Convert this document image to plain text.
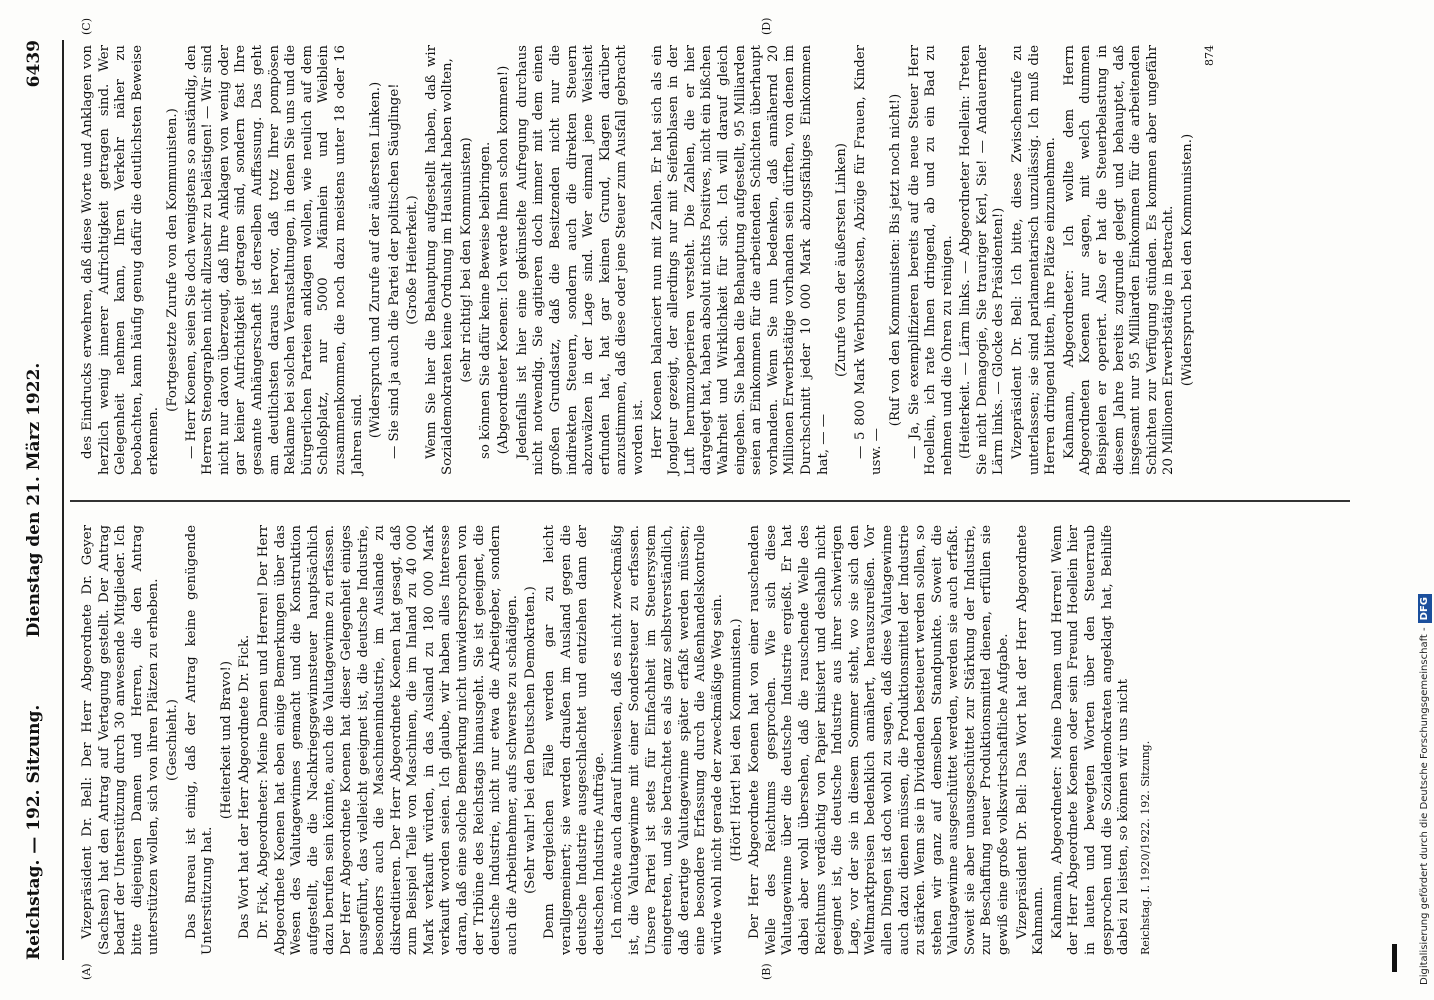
Reichstag. — 192. Sitzung.
Dienstag den 21. März 1922.
6439
(A)	(B)
(C)	(D)

Vizepräsident Dr. Bell: Der Herr Abgeordnete Dr. Geyer (Sachsen) hat den Antrag auf Vertagung gestellt. Der Antrag bedarf der Unterstützung durch 30 anwesende Mitglieder. Ich bitte diejenigen Damen und Herren, die den Antrag unterstützen wollen, sich von ihren Plätzen zu erheben. (Geschieht.) Das Bureau ist einig, daß der Antrag keine genügende Unterstützung hat.

(Heiterkeit und Bravo!) Das Wort hat der Herr Abgeordnete Dr. Fick. Dr. Fick, Abgeordneter: Meine Damen und Herren! Der Herr Abgeordnete Koenen hat eben einige Bemerkungen über das Wesen des Valutagewinnes gemacht und die Konstruktion aufgestellt, die die Nachkriegsgewinnsteuer hauptsächlich dazu berufen sein könnte, auch die Valutagewinne zu erfassen. Der Herr Abgeordnete Koenen hat dieser Gelegenheit einiges ausgeführt, das vielleicht geeignet ist, die deutsche Industrie, besonders auch die Maschinenindustrie, im Auslande zu diskreditieren. Der Herr Abgeordnete Koenen hat gesagt, daß zum Beispiel Teile von Maschinen, die im Inland zu 40 000 Mark verkauft würden, in das Ausland zu 180 000 Mark verkauft worden seien. Ich glaube, wir haben alles Interesse daran, daß eine solche Bemerkung nicht unwidersprochen von der Tribüne des Reichstags hinausgeht. Sie ist geeignet, die deutsche Industrie, nicht nur etwa die Arbeitgeber, sondern auch die Arbeitnehmer, aufs schwerste zu schädigen. (Sehr wahr! bei den Deutschen Demokraten.) Denn dergleichen Fälle werden gar zu leicht verallgemeinert; sie werden draußen im Ausland gegen die deutsche Industrie ausgeschlachtet und entziehen dann der deutschen Industrie Aufträge. Ich möchte auch darauf hinweisen, daß es nicht zweckmäßig ist, die Valutagewinne mit einer Sondersteuer zu erfassen. Unsere Partei ist stets für Einfachheit im Steuersystem eingetreten, und sie betrachtet es als ganz selbstverständlich, daß derartige Valutagewinne später erfaßt werden müssen; eine besondere Erfassung durch die Außenhandelskontrolle würde wohl nicht gerade der zweckmäßige Weg sein. (Hört! Hört! bei den Kommunisten.) Der Herr Abgeordnete Koenen hat von einer rauschenden Welle des Reichtums gesprochen. Wie sich diese Valutagewinne über die deutsche Industrie ergießt. Er hat dabei aber wohl übersehen, daß die rauschende Welle des Reichtums verdächtig von Papier knistert und deshalb nicht geeignet ist, die deutsche Industrie aus ihrer schwierigen Lage, vor der sie in diesem Sommer steht, wo sie sich den Weltmarktpreisen bedenklich annähert, herauszureißen. Vor allen Dingen ist doch wohl zu sagen, daß diese Valutagewinne auch dazu dienen müssen, die Produktionsmittel der Industrie zu stärken. Wenn sie in Dividenden besteuert werden sollen, so stehen wir ganz auf demselben Standpunkte. Soweit die Valutagewinne ausgeschüttet werden, werden sie auch erfaßt. Soweit sie aber unausgeschüttet zur Stärkung der Industrie, zur Beschaffung neuer Produktionsmittel dienen, erfüllen sie gewiß eine große volkswirtschaftliche Aufgabe. Vizepräsident Dr. Bell: Das Wort hat der Herr Abgeordnete Kahmann. Kahmann, Abgeordneter: Meine Damen und Herren! Wenn der Herr Abgeordnete Koenen oder sein Freund Hoellein hier in lauten und bewegten Worten über den Steuerraub gesprochen und die Sozialdemokraten angeklagt hat, Beihilfe dabei zu leisten, so können wir uns nicht Reichstag. I. 1920/1922. 192. Sitzung.

des Eindrucks erwehren, daß diese Worte und Anklagen von herzlich wenig innerer Aufrichtigkeit getragen sind. Wer Gelegenheit nehmen kann, Ihren Verkehr näher zu beobachten, kann häufig genug dafür die deutlichsten Beweise erkennen.

(Fortgesetzte Zurufe von den Kommunisten.) — Herr Koenen, seien Sie doch wenigstens so anständig, den Herren Stenographen nicht allzusehr zu belästigen! — Wir sind nicht nur davon überzeugt, daß Ihre Anklagen von wenig oder gar keiner Aufrichtigkeit getragen sind, sondern fast Ihre gesamte Anhängerschaft ist derselben Auffassung. Das geht am deutlichsten daraus hervor, daß trotz Ihrer pompösen Reklame bei solchen Veranstaltungen, in denen Sie uns und die bürgerlichen Parteien anklagen wollen, wie neulich auf dem Schloßplatz, nur 5000 Männlein und Weiblein zusammenkommen, die noch dazu meistens unter 18 oder 16 Jahren sind. (Widerspruch und Zurufe auf der äußersten Linken.) — Sie sind ja auch die Partei der politischen Säuglinge! (Große Heiterkeit.) Wenn Sie hier die Behauptung aufgestellt haben, daß wir Sozialdemokraten keine Ordnung im Haushalt haben wollten, (sehr richtig! bei den Kommunisten) so können Sie dafür keine Beweise beibringen. (Abgeordneter Koenen: Ich werde Ihnen schon kommen!) Jedenfalls ist hier eine gekünstelte Aufregung durchaus nicht notwendig. Sie agitieren doch immer mit dem einen großen Grundsatz, daß die Besitzenden nicht nur die indirekten Steuern, sondern auch die direkten Steuern abzuwälzen in der Lage sind. Wer einmal jene Weisheit erfunden hat, hat gar keinen Grund, Klagen darüber anzustimmen, daß diese oder jene Steuer zum Ausfall gebracht worden ist. Herr Koenen balanciert nun mit Zahlen. Er hat sich als ein Jongleur gezeigt, der allerdings nur mit Seifenblasen in der Luft herumzuoperieren versteht. Die Zahlen, die er hier dargelegt hat, haben absolut nichts Positives, nicht ein bißchen Wahrheit und Wirklichkeit für sich. Ich will darauf gleich eingehen. Sie haben die Behauptung aufgestellt, 95 Milliarden seien an Einkommen für die arbeitenden Schichten überhaupt vorhanden. Wenn Sie nun bedenken, daß annähernd 20 Millionen Erwerbstätige vorhanden sein dürften, von denen im Durchschnitt jeder 10 000 Mark abzugsfähiges Einkommen hat, — —

(Zurufe von der äußersten Linken) — 5 800 Mark Werbungskosten, Abzüge für Frauen, Kinder usw. —

(Ruf von den Kommunisten: Bis jetzt noch nicht!) — Ja, Sie exemplifizieren bereits auf die neue Steuer Herr Hoellein, ich rate Ihnen dringend, ab und zu ein Bad zu nehmen und die Ohren zu reinigen. (Heiterkeit. — Lärm links. — Abgeordneter Hoellein: Treten Sie nicht Demagogie, Sie trauriger Kerl, Sie! — Andauernder Lärm links. — Glocke des Präsidenten!) Vizepräsident Dr. Bell: Ich bitte, diese Zwischenrufe zu unterlassen; sie sind parlamentarisch unzulässig. Ich muß die Herren dringend bitten, ihre Plätze einzunehmen. Kahmann, Abgeordneter: Ich wollte dem Herrn Abgeordneten Koenen nur sagen, mit welch dummen Beispielen er operiert. Also er hat die Steuerbelastung in diesem Jahre bereits zugrunde gelegt und behauptet, daß insgesamt nur 95 Milliarden Einkommen für die arbeitenden Schichten zur Verfügung stünden. Es kommen aber ungefähr 20 Millionen Erwerbstätige in Betracht. (Widerspruch bei den Kommunisten.)

874
Digitalisierung gefördert durch die Deutsche Forschungsgemeinschaft -DFG
